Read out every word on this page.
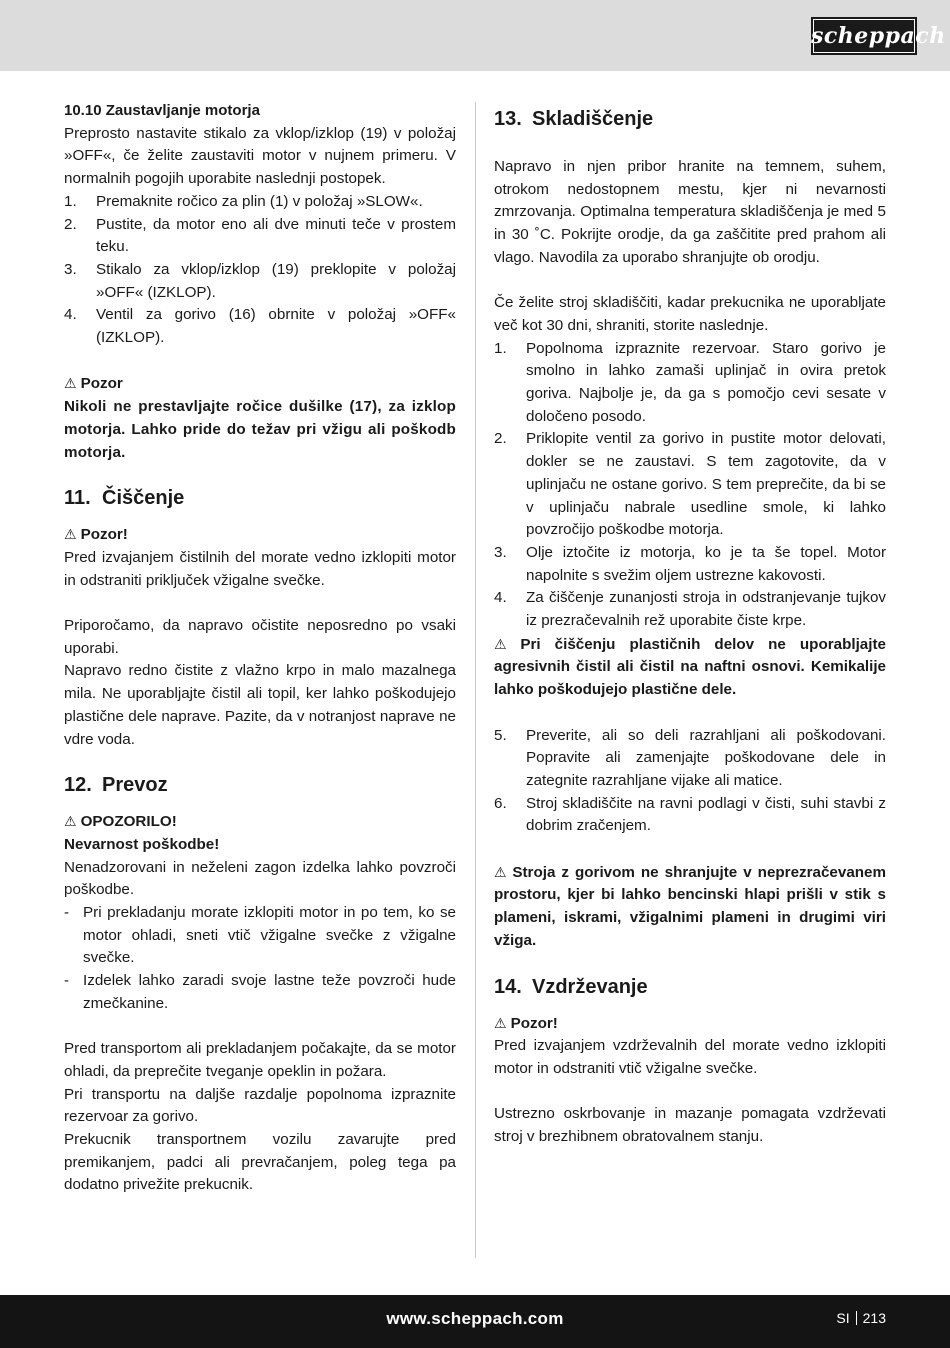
scheppach

10.10 Zaustavljanje motorja

Preprosto nastavite stikalo za vklop/izklop (19) v položaj »OFF«, če želite zaustaviti motor v nujnem primeru. V normalnih pogojih uporabite naslednji postopek.

1.	Premaknite ročico za plin (1) v položaj »SLOW«.
2.	Pustite, da motor eno ali dve minuti teče v prostem teku.
3.	Stikalo za vklop/izklop (19) preklopite v položaj »OFF« (IZKLOP).
4.	Ventil za gorivo (16) obrnite v položaj »OFF« (IZKLOP).

⚠ Pozor

Nikoli ne prestavljajte ročice dušilke (17), za izklop motorja. Lahko pride do težav pri vžigu ali poškodb motorja.

11. Čiščenje

⚠ Pozor!

Pred izvajanjem čistilnih del morate vedno izklopiti motor in odstraniti priključek vžigalne svečke.

Priporočamo, da napravo očistite neposredno po vsaki uporabi.

Napravo redno čistite z vlažno krpo in malo mazalnega mila. Ne uporabljajte čistil ali topil, ker lahko poškodujejo plastične dele naprave. Pazite, da v notranjost naprave ne vdre voda.

12. Prevoz

⚠ OPOZORILO!

Nevarnost poškodbe!

Nenadzorovani in neželeni zagon izdelka lahko povzroči poškodbe.

- Pri prekladanju morate izklopiti motor in po tem, ko se motor ohladi, sneti vtič vžigalne svečke z vžigalne svečke.
- Izdelek lahko zaradi svoje lastne teže povzroči hude zmečkanine.

Pred transportom ali prekladanjem počakajte, da se motor ohladi, da preprečite tveganje opeklin in požara.

Pri transportu na daljše razdalje popolnoma izpraznite rezervoar za gorivo.

Prekucnik transportnem vozilu zavarujte pred premikanjem, padci ali prevračanjem, poleg tega pa dodatno privežite prekucnik.

13. Skladiščenje

Napravo in njen pribor hranite na temnem, suhem, otrokom nedostopnem mestu, kjer ni nevarnosti zmrzovanja. Optimalna temperatura skladiščenja je med 5 in 30 ˚C. Pokrijte orodje, da ga zaščitite pred prahom ali vlago. Navodila za uporabo shranjujte ob orodju.

Če želite stroj skladiščiti, kadar prekucnika ne uporabljate več kot 30 dni, shraniti, storite naslednje.

1.	Popolnoma izpraznite rezervoar. Staro gorivo je smolno in lahko zamaši uplinjač in ovira pretok goriva. Najbolje je, da ga s pomočjo cevi sesate v določeno posodo.
2.	Priklopite ventil za gorivo in pustite motor delovati, dokler se ne zaustavi. S tem zagotovite, da v uplinjaču ne ostane gorivo. S tem preprečite, da bi se v uplinjaču nabrale usedline smole, ki lahko povzročijo poškodbe motorja.
3.	Olje iztočite iz motorja, ko je ta še topel. Motor napolnite s svežim oljem ustrezne kakovosti.
4.	Za čiščenje zunanjosti stroja in odstranjevanje tujkov iz prezračevalnih rež uporabite čiste krpe.

⚠ Pri čiščenju plastičnih delov ne uporabljajte agresivnih čistil ali čistil na naftni osnovi. Kemikalije lahko poškodujejo plastične dele.

5.	Preverite, ali so deli razrahljani ali poškodovani. Popravite ali zamenjajte poškodovane dele in zategnite razrahljane vijake ali matice.
6.	Stroj skladiščite na ravni podlagi v čisti, suhi stavbi z dobrim zračenjem.

⚠ Stroja z gorivom ne shranjujte v neprezračevanem prostoru, kjer bi lahko bencinski hlapi prišli v stik s plameni, iskrami, vžigalnimi plameni in drugimi viri vžiga.

14. Vzdrževanje

⚠ Pozor!

Pred izvajanjem vzdrževalnih del morate vedno izklopiti motor in odstraniti vtič vžigalne svečke.

Ustrezno oskrbovanje in mazanje pomagata vzdrževati stroj v brezhibnem obratovalnem stanju.

www.scheppach.com	SI 213
